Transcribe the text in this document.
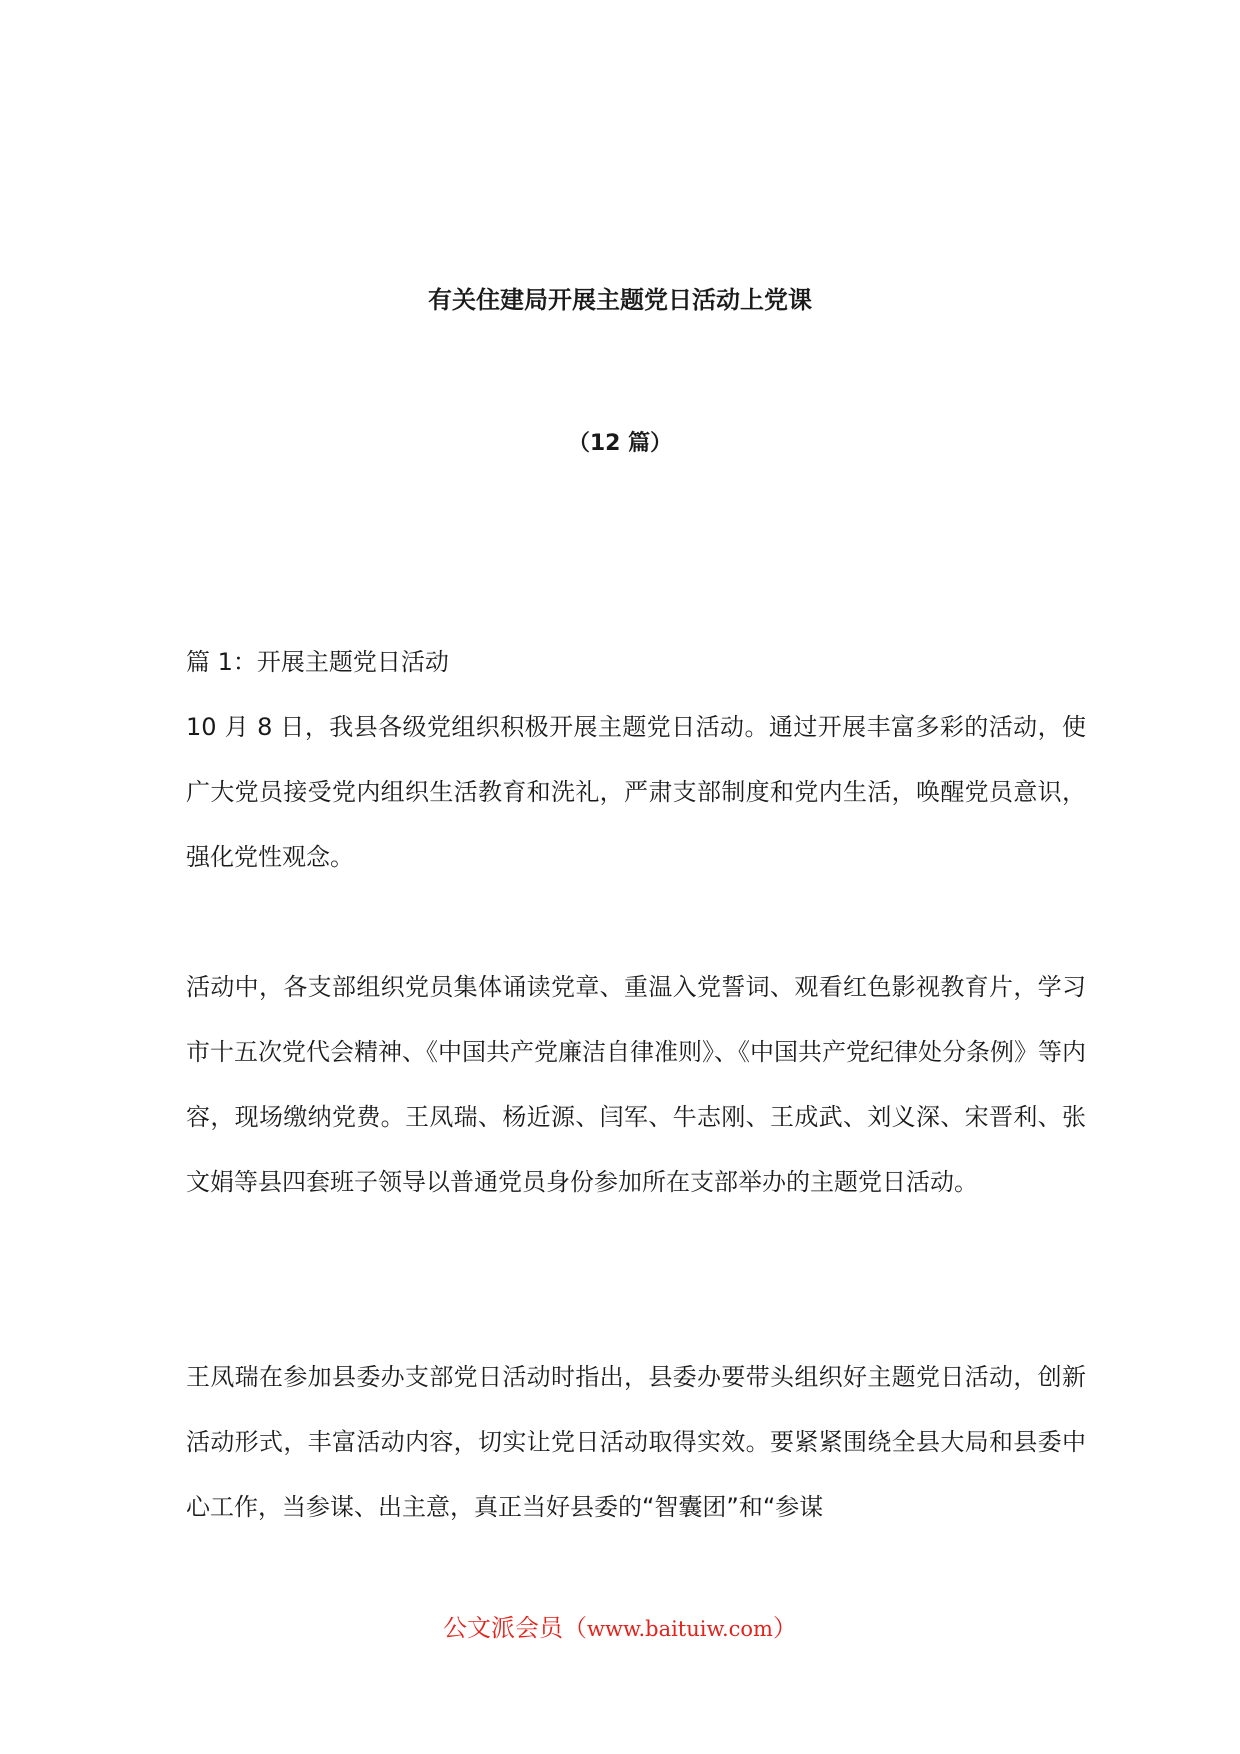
有关住建局开展主题党日活动上党课
（12 篇）
篇 1：开展主题党日活动
10 月 8 日，我县各级党组织积极开展主题党日活动。通过开展丰富多彩的活动，使广大党员接受党内组织生活教育和洗礼，严肃支部制度和党内生活，唤醒党员意识，强化党性观念。
活动中，各支部组织党员集体诵读党章、重温入党誓词、观看红色影视教育片，学习市十五次党代会精神、《中国共产党廉洁自律准则》、《中国共产党纪律处分条例》等内容，现场缴纳党费。王凤瑞、杨近源、闫军、牛志刚、王成武、刘义深、宋晋利、张文娟等县四套班子领导以普通党员身份参加所在支部举办的主题党日活动。
王凤瑞在参加县委办支部党日活动时指出，县委办要带头组织好主题党日活动，创新活动形式，丰富活动内容，切实让党日活动取得实效。要紧紧围绕全县大局和县委中心工作，当参谋、出主意，真正当好县委的“智囊团”和“参谋
公文派会员（www.baituiw.com）
